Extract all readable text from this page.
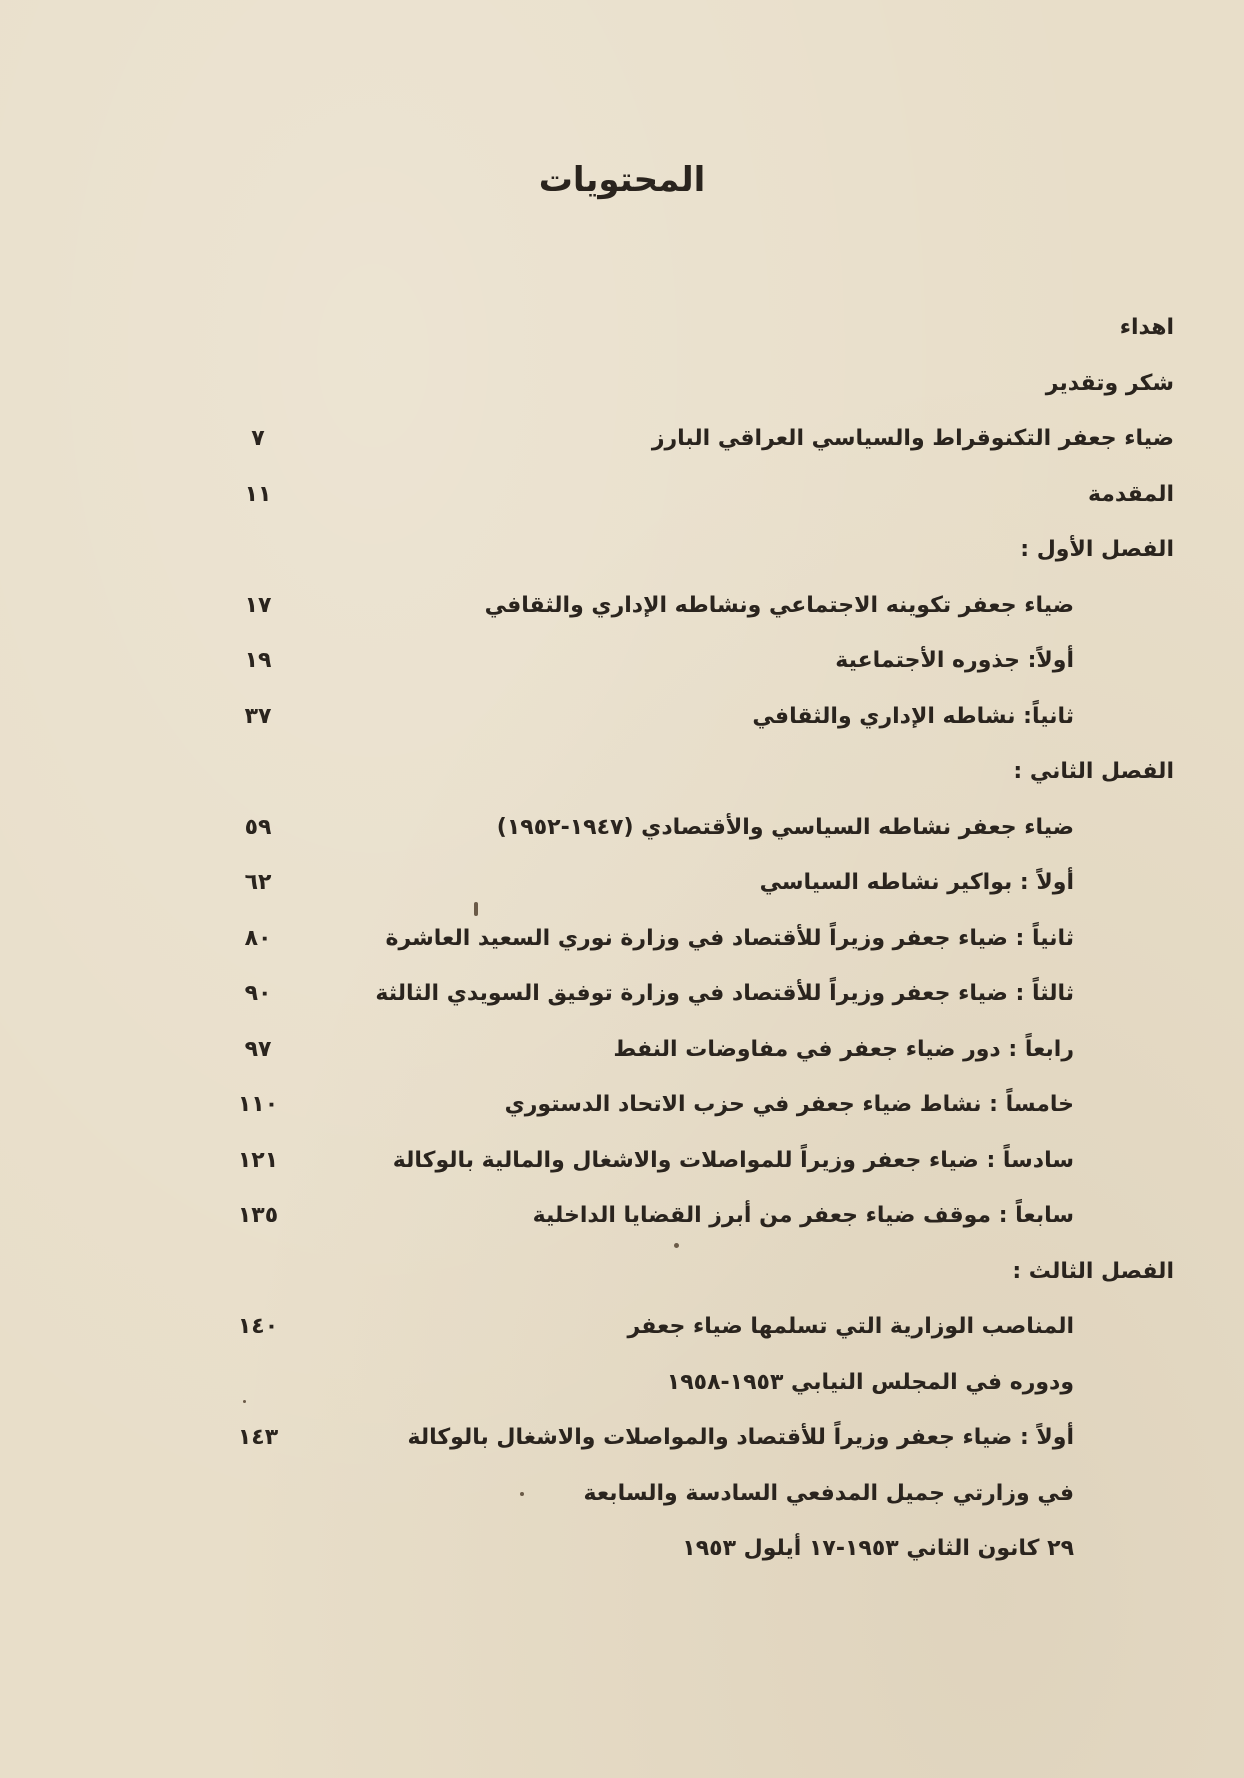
المحتويات
اهداء
شكر وتقدير
ضياء جعفر التكنوقراط والسياسي العراقي البارز
٧
المقدمة
١١
الفصل الأول :
ضياء جعفر تكوينه الاجتماعي ونشاطه الإداري والثقافي
١٧
أولاً: جذوره الأجتماعية
١٩
ثانياً: نشاطه الإداري والثقافي
٣٧
الفصل الثاني :
ضياء جعفر نشاطه السياسي والأقتصادي (١٩٤٧-١٩٥٢)
٥٩
أولاً : بواكير نشاطه السياسي
٦٢
ثانياً : ضياء جعفر وزيراً للأقتصاد في وزارة نوري السعيد العاشرة
٨٠
ثالثاً : ضياء جعفر وزيراً للأقتصاد في وزارة توفيق السويدي الثالثة
٩٠
رابعاً : دور ضياء جعفر في مفاوضات النفط
٩٧
خامساً : نشاط ضياء جعفر في حزب الاتحاد الدستوري
١١٠
سادساً : ضياء جعفر وزيراً للمواصلات والاشغال والمالية بالوكالة
١٢١
سابعاً : موقف ضياء جعفر من أبرز القضايا الداخلية
١٣٥
الفصل الثالث :
المناصب الوزارية التي تسلمها ضياء جعفر
١٤٠
ودوره في المجلس النيابي ١٩٥٣-١٩٥٨
أولاً : ضياء جعفر وزيراً للأقتصاد والمواصلات والاشغال بالوكالة
١٤٣
في وزارتي جميل المدفعي السادسة والسابعة
٢٩ كانون الثاني ١٩٥٣-١٧ أيلول ١٩٥٣
